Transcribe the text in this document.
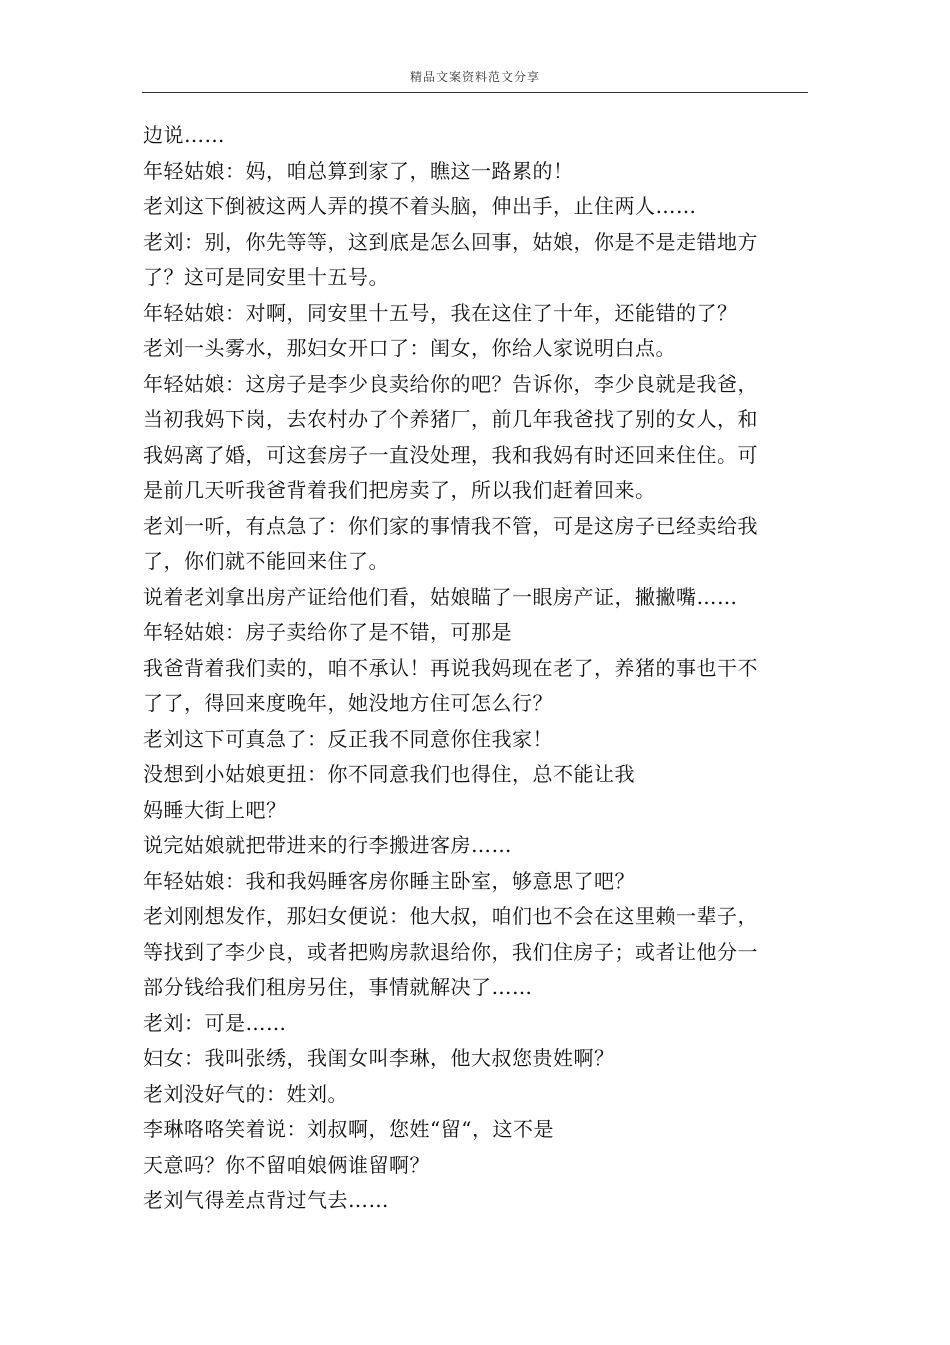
精品文案资料范文分享
边说……
年轻姑娘：妈，咱总算到家了，瞧这一路累的！
老刘这下倒被这两人弄的摸不着头脑，伸出手，止住两人……
老刘：别，你先等等，这到底是怎么回事，姑娘，你是不是走错地方
了？这可是同安里十五号。
年轻姑娘：对啊，同安里十五号，我在这住了十年，还能错的了？
老刘一头雾水，那妇女开口了：闺女，你给人家说明白点。
年轻姑娘：这房子是李少良卖给你的吧？告诉你，李少良就是我爸，
当初我妈下岗，去农村办了个养猪厂，前几年我爸找了别的女人，和
我妈离了婚，可这套房子一直没处理，我和我妈有时还回来住住。可
是前几天听我爸背着我们把房卖了，所以我们赶着回来。
老刘一听，有点急了：你们家的事情我不管，可是这房子已经卖给我
了，你们就不能回来住了。
说着老刘拿出房产证给他们看，姑娘瞄了一眼房产证，撇撇嘴……
年轻姑娘：房子卖给你了是不错，可那是
我爸背着我们卖的，咱不承认！再说我妈现在老了，养猪的事也干不
了了，得回来度晚年，她没地方住可怎么行？
老刘这下可真急了：反正我不同意你住我家！
没想到小姑娘更扭：你不同意我们也得住，总不能让我
妈睡大街上吧？
说完姑娘就把带进来的行李搬进客房……
年轻姑娘：我和我妈睡客房你睡主卧室，够意思了吧？
老刘刚想发作，那妇女便说：他大叔，咱们也不会在这里赖一辈子，
等找到了李少良，或者把购房款退给你，我们住房子；或者让他分一
部分钱给我们租房另住，事情就解决了……
老刘：可是……
妇女：我叫张绣，我闺女叫李琳，他大叔您贵姓啊？
老刘没好气的：姓刘。
李琳咯咯笑着说：刘叔啊，您姓“留“，这不是
天意吗？你不留咱娘俩谁留啊？
老刘气得差点背过气去……
